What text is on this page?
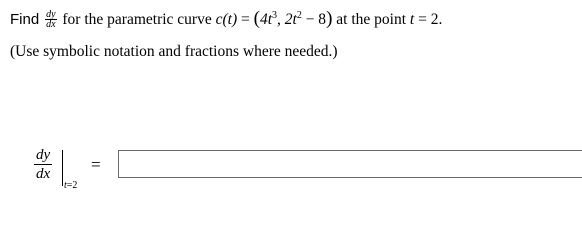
Find $\frac{dy}{dx}$ for the parametric curve $c(t) = (4t^3$, $2t^2 - 8$) at the point t = 2.
(Use symbolic notation and fractions where needed.)
$\frac{dy}{dx}$
t=2
=
